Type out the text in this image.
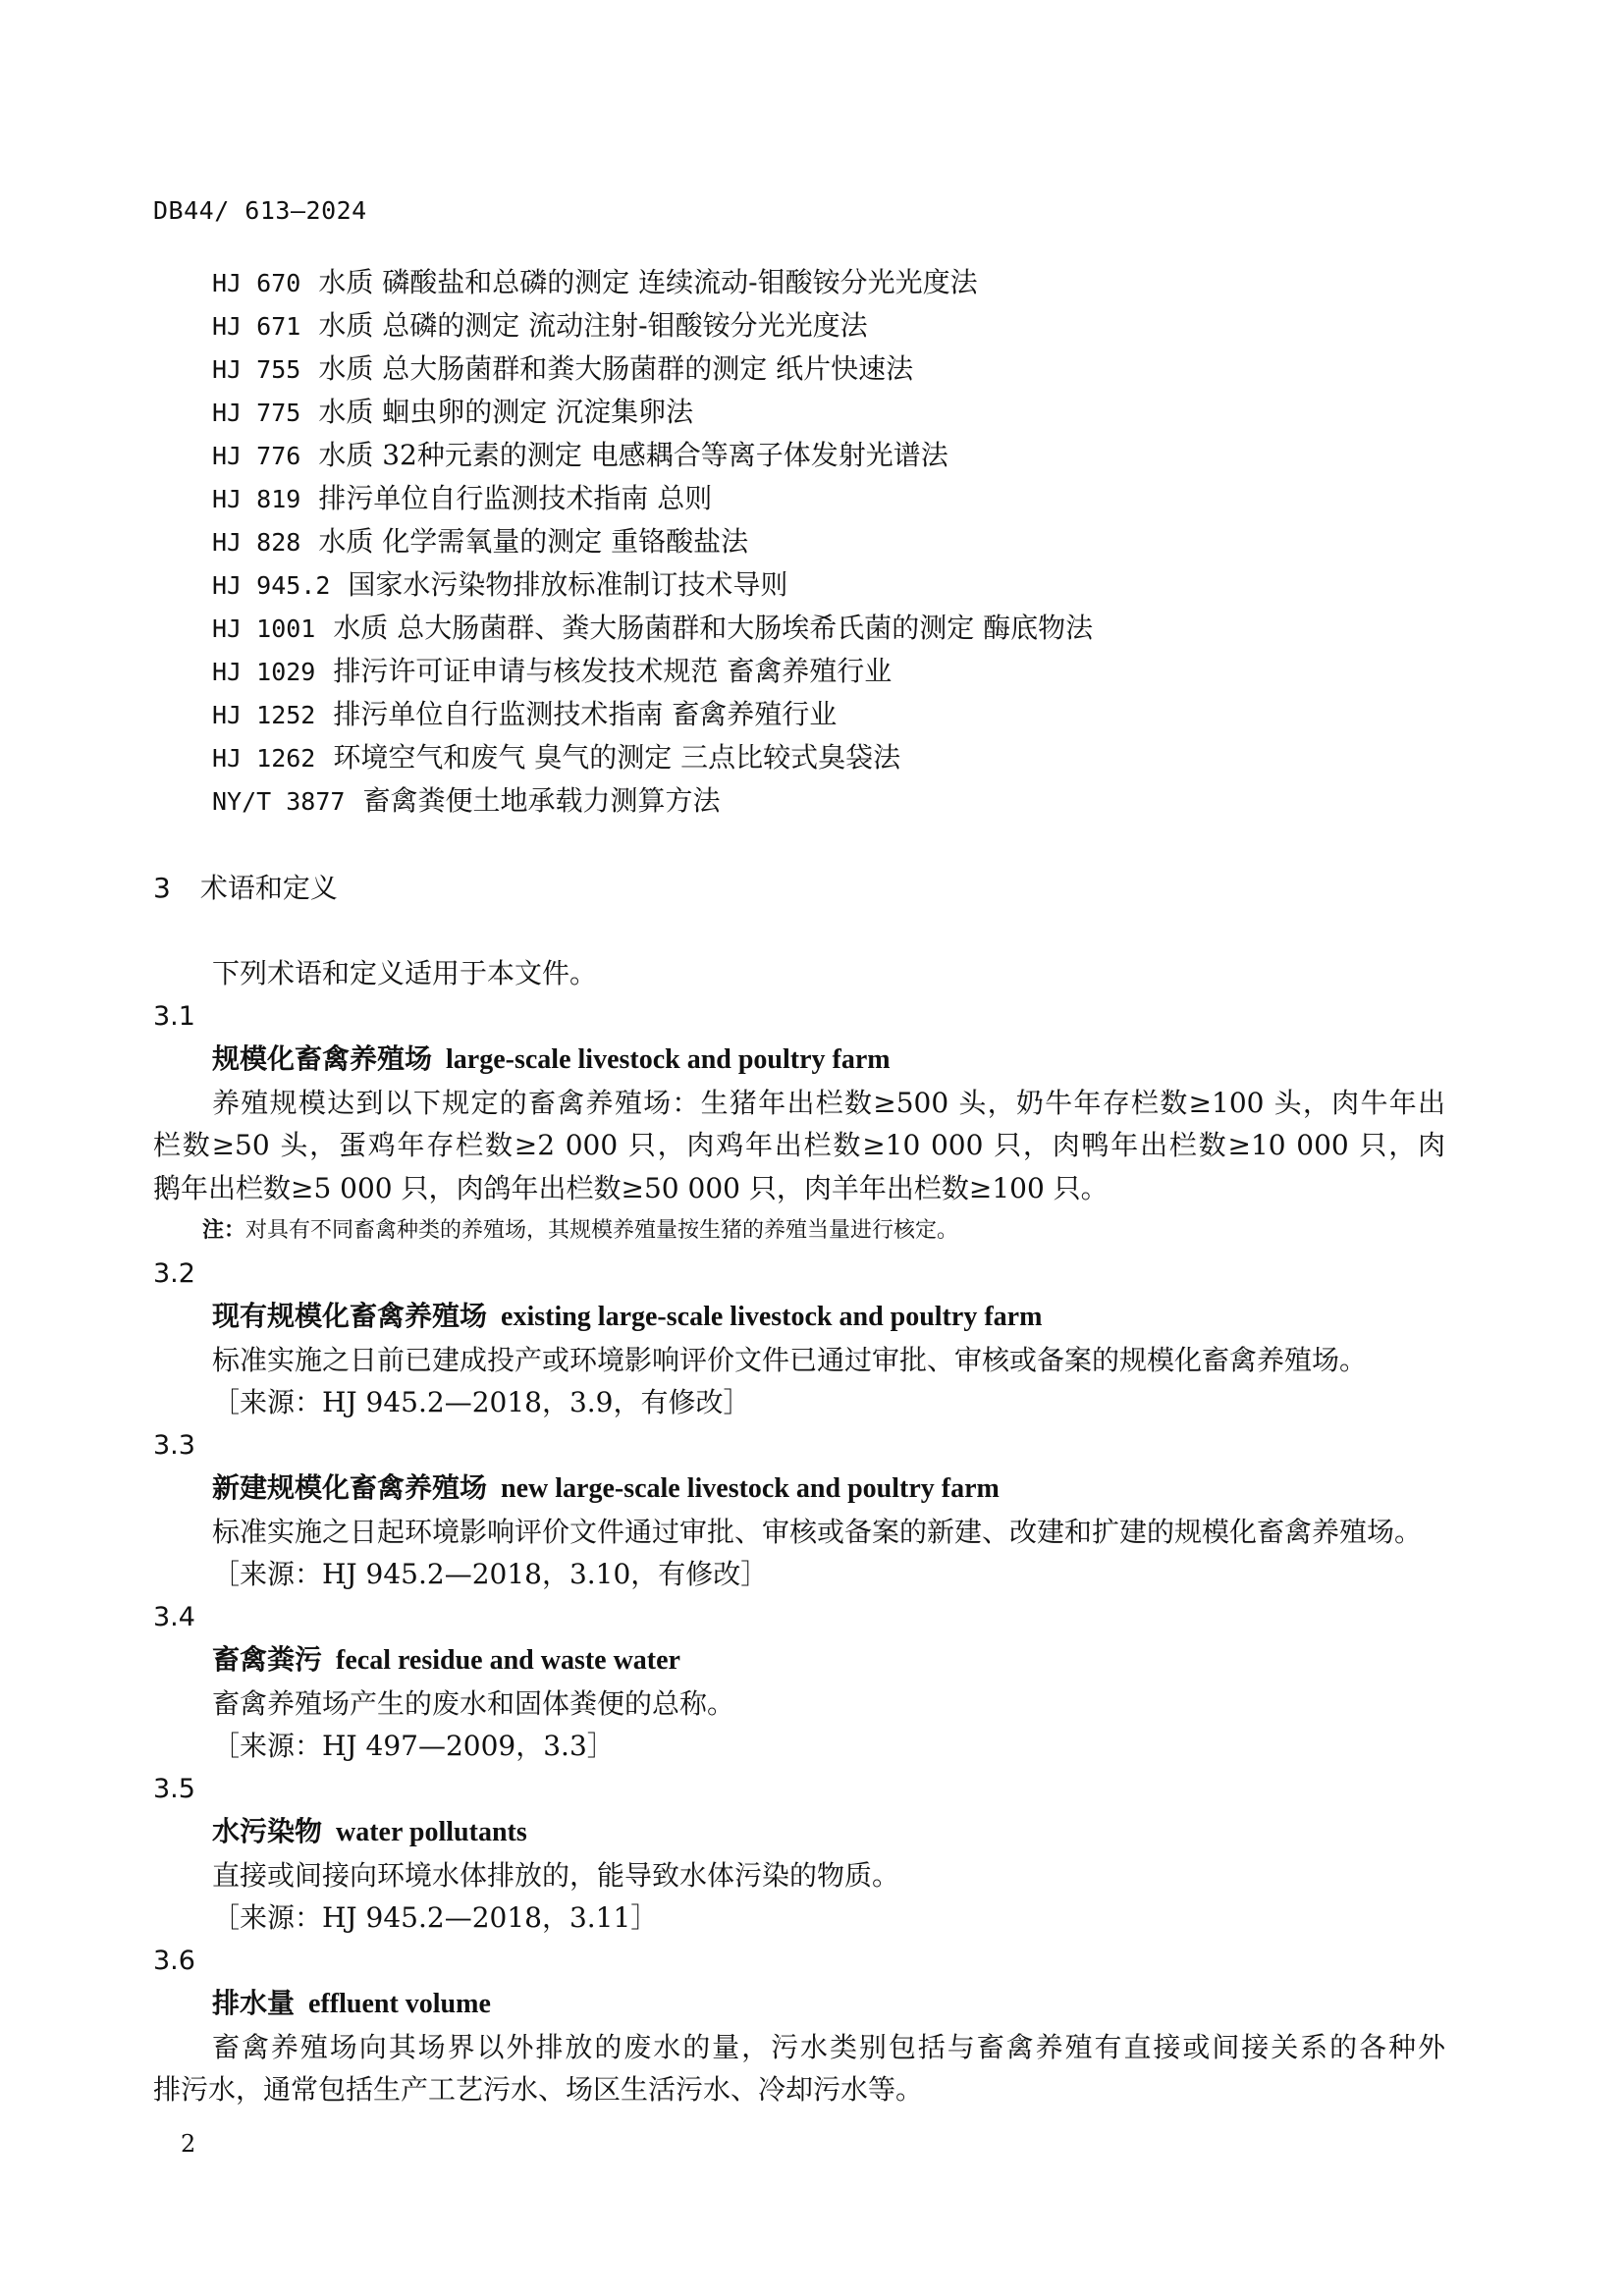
DB44/ 613—2024
HJ 670 水质 磷酸盐和总磷的测定 连续流动-钼酸铵分光光度法
HJ 671 水质 总磷的测定 流动注射-钼酸铵分光光度法
HJ 755 水质 总大肠菌群和粪大肠菌群的测定 纸片快速法
HJ 775 水质 蛔虫卵的测定 沉淀集卵法
HJ 776 水质 32种元素的测定 电感耦合等离子体发射光谱法
HJ 819 排污单位自行监测技术指南 总则
HJ 828 水质 化学需氧量的测定 重铬酸盐法
HJ 945.2 国家水污染物排放标准制订技术导则
HJ 1001 水质 总大肠菌群、粪大肠菌群和大肠埃希氏菌的测定 酶底物法
HJ 1029 排污许可证申请与核发技术规范 畜禽养殖行业
HJ 1252 排污单位自行监测技术指南 畜禽养殖行业
HJ 1262 环境空气和废气 臭气的测定 三点比较式臭袋法
NY/T 3877 畜禽粪便土地承载力测算方法
3 术语和定义
下列术语和定义适用于本文件。
3.1
规模化畜禽养殖场 large-scale livestock and poultry farm
养殖规模达到以下规定的畜禽养殖场：生猪年出栏数≥500 头，奶牛年存栏数≥100 头，肉牛年出
栏数≥50 头，蛋鸡年存栏数≥2 000 只，肉鸡年出栏数≥10 000 只，肉鸭年出栏数≥10 000 只，肉
鹅年出栏数≥5 000 只，肉鸽年出栏数≥50 000 只，肉羊年出栏数≥100 只。
注：对具有不同畜禽种类的养殖场，其规模养殖量按生猪的养殖当量进行核定。
3.2
现有规模化畜禽养殖场 existing large-scale livestock and poultry farm
标准实施之日前已建成投产或环境影响评价文件已通过审批、审核或备案的规模化畜禽养殖场。
［来源：HJ 945.2—2018，3.9，有修改］
3.3
新建规模化畜禽养殖场 new large-scale livestock and poultry farm
标准实施之日起环境影响评价文件通过审批、审核或备案的新建、改建和扩建的规模化畜禽养殖场。
［来源：HJ 945.2—2018，3.10，有修改］
3.4
畜禽粪污 fecal residue and waste water
畜禽养殖场产生的废水和固体粪便的总称。
［来源：HJ 497—2009，3.3］
3.5
水污染物 water pollutants
直接或间接向环境水体排放的，能导致水体污染的物质。
［来源：HJ 945.2—2018，3.11］
3.6
排水量 effluent volume
畜禽养殖场向其场界以外排放的废水的量，污水类别包括与畜禽养殖有直接或间接关系的各种外
排污水，通常包括生产工艺污水、场区生活污水、冷却污水等。
2
